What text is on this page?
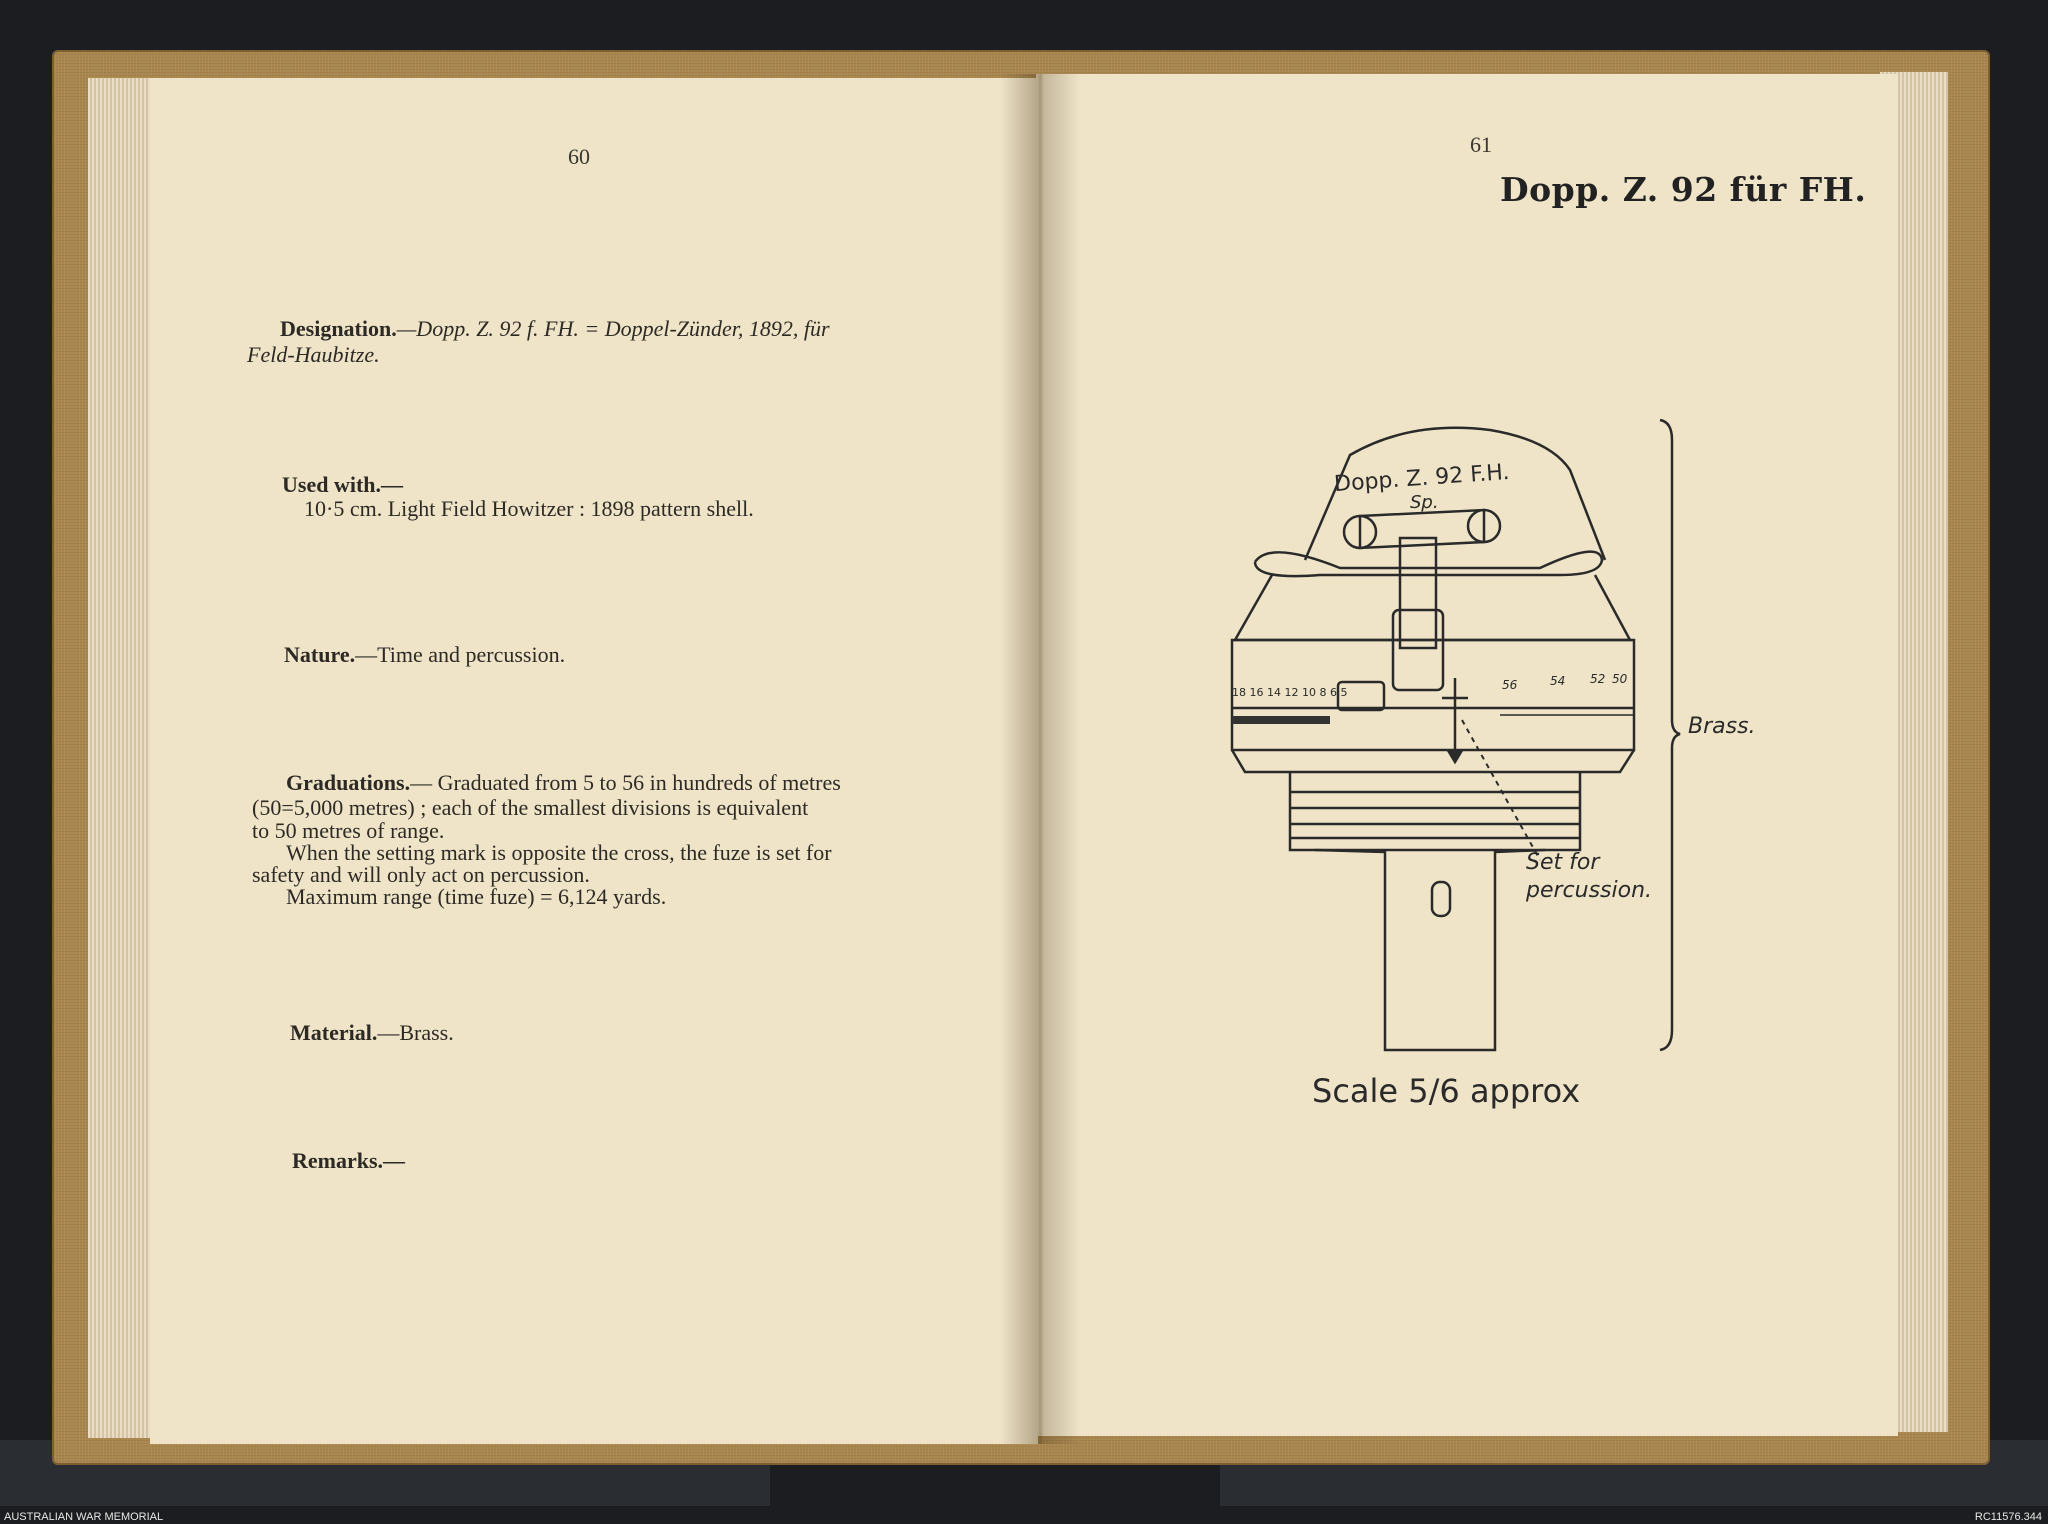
60
Designation.—Dopp. Z. 92 f. FH. = Doppel-Zünder, 1892, für
Feld-Haubitze.
Used with.—
10·5 cm. Light Field Howitzer : 1898 pattern shell.
Nature.—Time and percussion.
Graduations.— Graduated from 5 to 56 in hundreds of metres
(50=5,000 metres) ; each of the smallest divisions is equivalent
to 50 metres of range.
When the setting mark is opposite the cross, the fuze is set for
safety and will only act on percussion.
Maximum range (time fuze) = 6,124 yards.
Material.—Brass.
Remarks.—
61
Dopp. Z. 92 für FH.
Dopp. Z. 92 F.H.
Sp.
18 16 14 12 10 8 6 5
56	54 52 50
Brass.
Set for
percussion.
Scale 5/6 approx
AUSTRALIAN WAR MEMORIAL	RC11576.344
